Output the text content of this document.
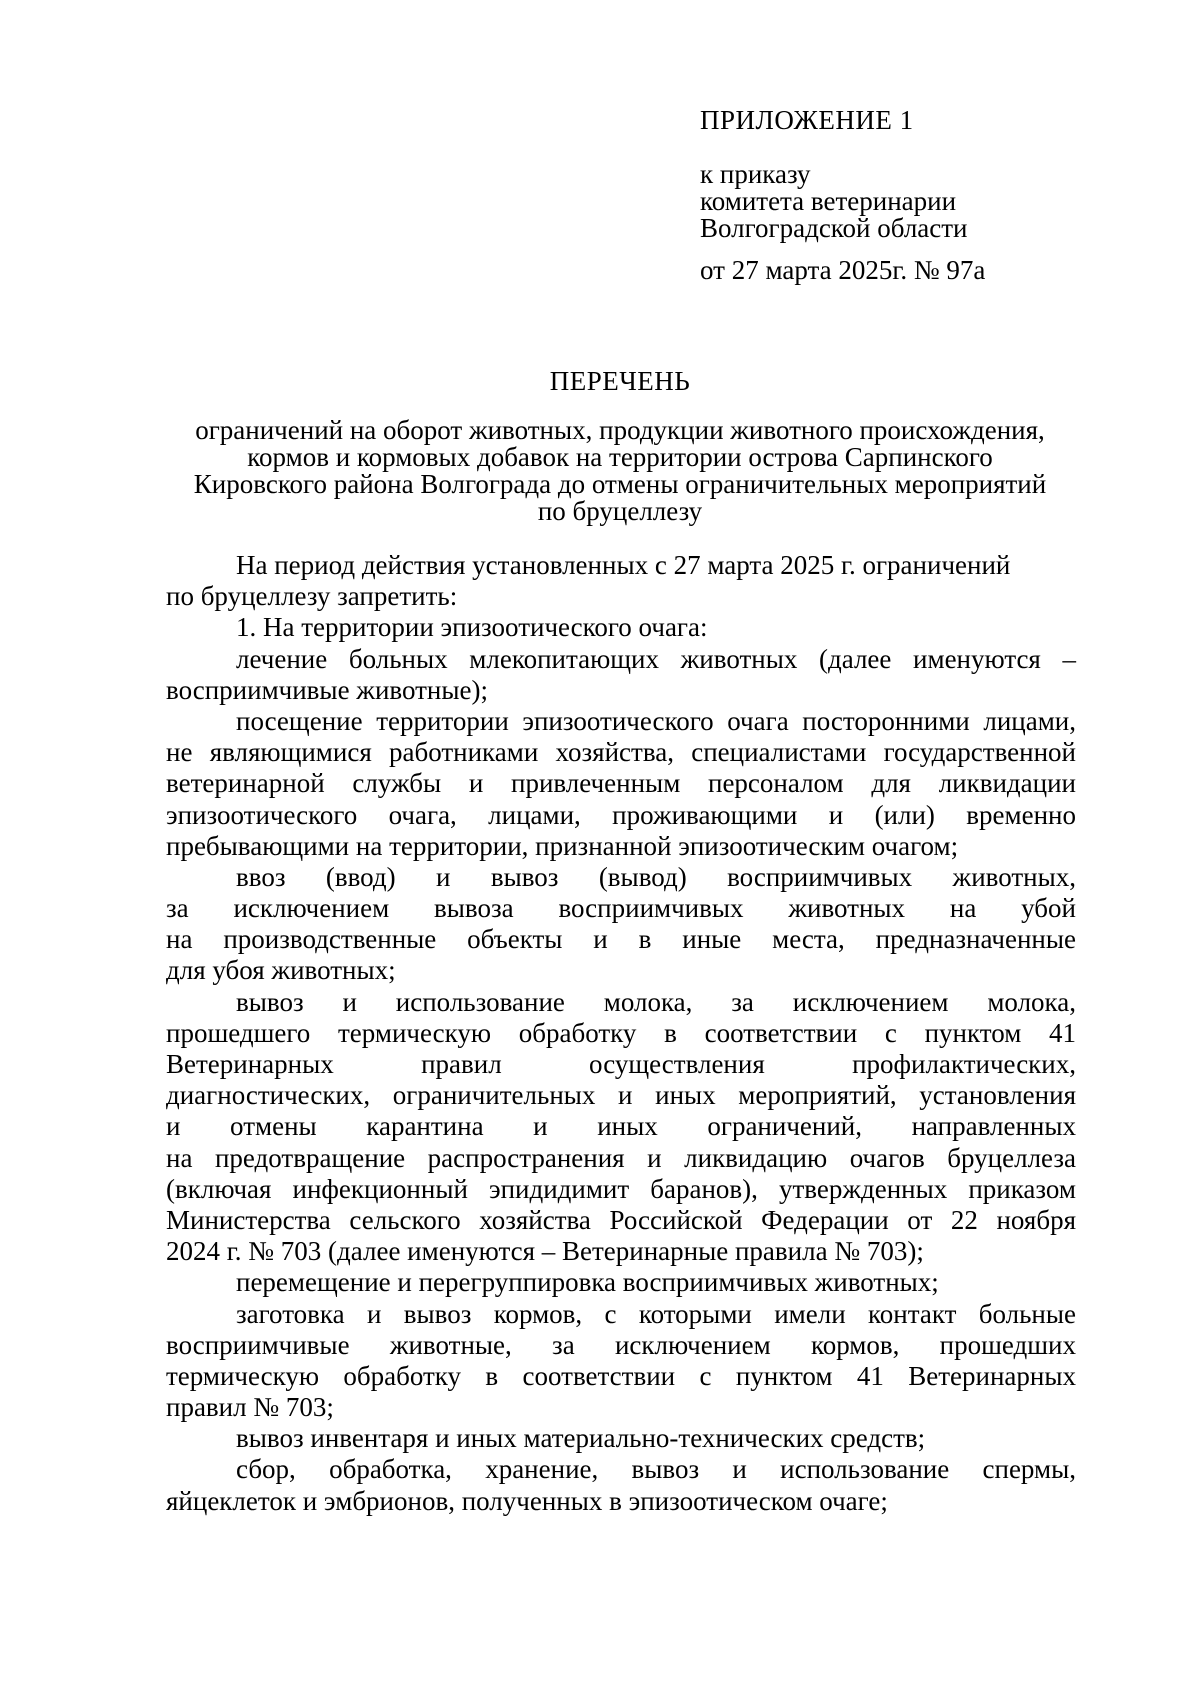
ПРИЛОЖЕНИЕ 1
к приказу
комитета ветеринарии
Волгоградской области
от 27 марта 2025г. № 97а
ПЕРЕЧЕНЬ
ограничений на оборот животных, продукции животного происхождения,
кормов и кормовых добавок на территории острова Сарпинского
Кировского района Волгограда до отмены ограничительных мероприятий
по бруцеллезу
На период действия установленных с 27 марта 2025 г. ограничений
по бруцеллезу запретить:
1. На территории эпизоотического очага:
лечение больных млекопитающих животных (далее именуются –
восприимчивые животные);
посещение территории эпизоотического очага посторонними лицами,
не являющимися работниками хозяйства, специалистами государственной
ветеринарной службы и привлеченным персоналом для ликвидации
эпизоотического очага, лицами, проживающими и (или) временно
пребывающими на территории, признанной эпизоотическим очагом;
ввоз (ввод) и вывоз (вывод) восприимчивых животных,
за исключением вывоза восприимчивых животных на убой
на производственные объекты и в иные места, предназначенные
для убоя животных;
вывоз и использование молока, за исключением молока,
прошедшего термическую обработку в соответствии с пунктом 41
Ветеринарных правил осуществления профилактических,
диагностических, ограничительных и иных мероприятий, установления
и отмены карантина и иных ограничений, направленных
на предотвращение распространения и ликвидацию очагов бруцеллеза
(включая инфекционный эпидидимит баранов), утвержденных приказом
Министерства сельского хозяйства Российской Федерации от 22 ноября
2024 г. № 703 (далее именуются – Ветеринарные правила № 703);
перемещение и перегруппировка восприимчивых животных;
заготовка и вывоз кормов, с которыми имели контакт больные
восприимчивые животные, за исключением кормов, прошедших
термическую обработку в соответствии с пунктом 41 Ветеринарных
правил № 703;
вывоз инвентаря и иных материально-технических средств;
сбор, обработка, хранение, вывоз и использование спермы,
яйцеклеток и эмбрионов, полученных в эпизоотическом очаге;
